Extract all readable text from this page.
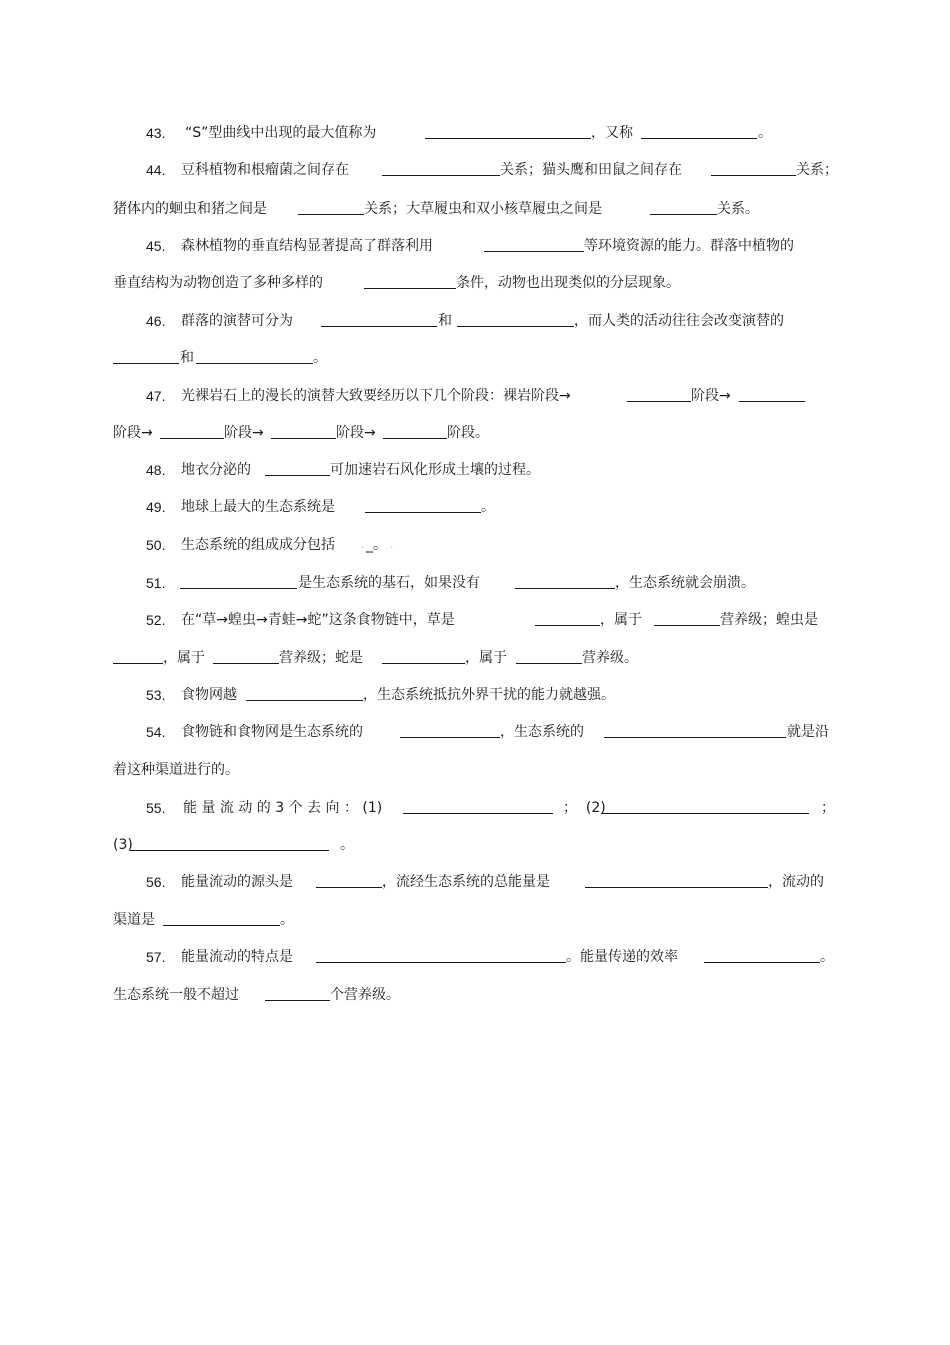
43.

“S”型曲线中出现的最大值称为

	，又称

	。

44.

豆科植物和根瘤菌之间存在

	关系；猫头鹰和田鼠之间存在

	关系；

猪体内的蛔虫和猪之间是

	关系；大草履虫和双小核草履虫之间是

	关系。

45.

森林植物的垂直结构显著提高了群落利用

	等环境资源的能力。群落中植物的

垂直结构为动物创造了多种多样的

	条件，动物也出现类似的分层现象。

46.

群落的演替可分为

	和

	，而人类的活动往往会改变演替的

和

	。

47.

光裸岩石上的漫长的演替大致要经历以下几个阶段：裸岩阶段→

	阶段→

阶段→

	阶段→

	阶段→

	阶段。

48.

地衣分泌的

	可加速岩石风化形成土壤的过程。

49.

地球上最大的生态系统是

	。

50.

生态系统的组成成分包括

	·

_。

·

51.

	是生态系统的基石，如果没有

	，生态系统就会崩溃。

52.

在“草→蝗虫→青蛙→蛇”这条食物链中，草是

	，属于

	营养级；蝗虫是

，属于

	营养级；蛇是

	，属于

	营养级。

53.

食物网越

	，生态系统抵抗外界干扰的能力就越强。

54.

食物链和食物网是生态系统的

	，生态系统的

	就是沿

着这种渠道进行的。

55.

能 量 流 动 的 3 个 去 向 ： (1)

	；  (2)

	；

(3)

	。

56.

能量流动的源头是

	，流经生态系统的总能量是

	，流动的

渠道是

	。

57.

能量流动的特点是

	。能量传递的效率

	。

生态系统一般不超过

	个营养级。
